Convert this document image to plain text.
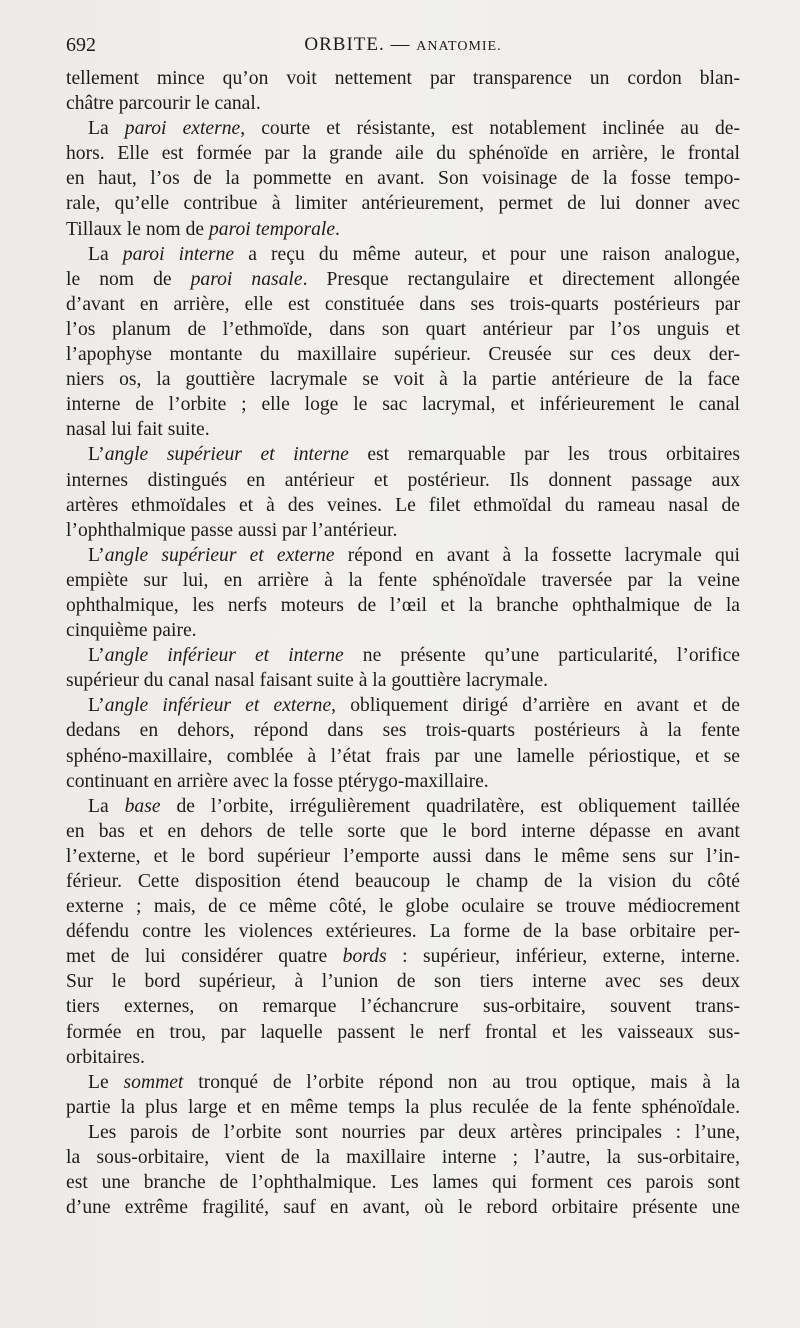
692	ORBITE. — ANATOMIE.
tellement mince qu’on voit nettement par transparence un cordon blan-
châtre parcourir le canal.
La paroi externe, courte et résistante, est notablement inclinée au de-
hors. Elle est formée par la grande aile du sphénoïde en arrière, le frontal
en haut, l’os de la pommette en avant. Son voisinage de la fosse tempo-
rale, qu’elle contribue à limiter antérieurement, permet de lui donner avec
Tillaux le nom de paroi temporale.
La paroi interne a reçu du même auteur, et pour une raison analogue,
le nom de paroi nasale. Presque rectangulaire et directement allongée
d’avant en arrière, elle est constituée dans ses trois-quarts postérieurs par
l’os planum de l’ethmoïde, dans son quart antérieur par l’os unguis et
l’apophyse montante du maxillaire supérieur. Creusée sur ces deux der-
niers os, la gouttière lacrymale se voit à la partie antérieure de la face
interne de l’orbite ; elle loge le sac lacrymal, et inférieurement le canal
nasal lui fait suite.
L’angle supérieur et interne est remarquable par les trous orbitaires
internes distingués en antérieur et postérieur. Ils donnent passage aux
artères ethmoïdales et à des veines. Le filet ethmoïdal du rameau nasal de
l’ophthalmique passe aussi par l’antérieur.
L’angle supérieur et externe répond en avant à la fossette lacrymale qui
empiète sur lui, en arrière à la fente sphénoïdale traversée par la veine
ophthalmique, les nerfs moteurs de l’œil et la branche ophthalmique de la
cinquième paire.
L’angle inférieur et interne ne présente qu’une particularité, l’orifice
supérieur du canal nasal faisant suite à la gouttière lacrymale.
L’angle inférieur et externe, obliquement dirigé d’arrière en avant et de
dedans en dehors, répond dans ses trois-quarts postérieurs à la fente
sphéno-maxillaire, comblée à l’état frais par une lamelle périostique, et se
continuant en arrière avec la fosse ptérygo-maxillaire.
La base de l’orbite, irrégulièrement quadrilatère, est obliquement taillée
en bas et en dehors de telle sorte que le bord interne dépasse en avant
l’externe, et le bord supérieur l’emporte aussi dans le même sens sur l’in-
férieur. Cette disposition étend beaucoup le champ de la vision du côté
externe ; mais, de ce même côté, le globe oculaire se trouve médiocrement
défendu contre les violences extérieures. La forme de la base orbitaire per-
met de lui considérer quatre bords : supérieur, inférieur, externe, interne.
Sur le bord supérieur, à l’union de son tiers interne avec ses deux
tiers externes, on remarque l’échancrure sus-orbitaire, souvent trans-
formée en trou, par laquelle passent le nerf frontal et les vaisseaux sus-
orbitaires.
Le sommet tronqué de l’orbite répond non au trou optique, mais à la
partie la plus large et en même temps la plus reculée de la fente sphénoïdale.
Les parois de l’orbite sont nourries par deux artères principales : l’une,
la sous-orbitaire, vient de la maxillaire interne ; l’autre, la sus-orbitaire,
est une branche de l’ophthalmique. Les lames qui forment ces parois sont
d’une extrême fragilité, sauf en avant, où le rebord orbitaire présente une
